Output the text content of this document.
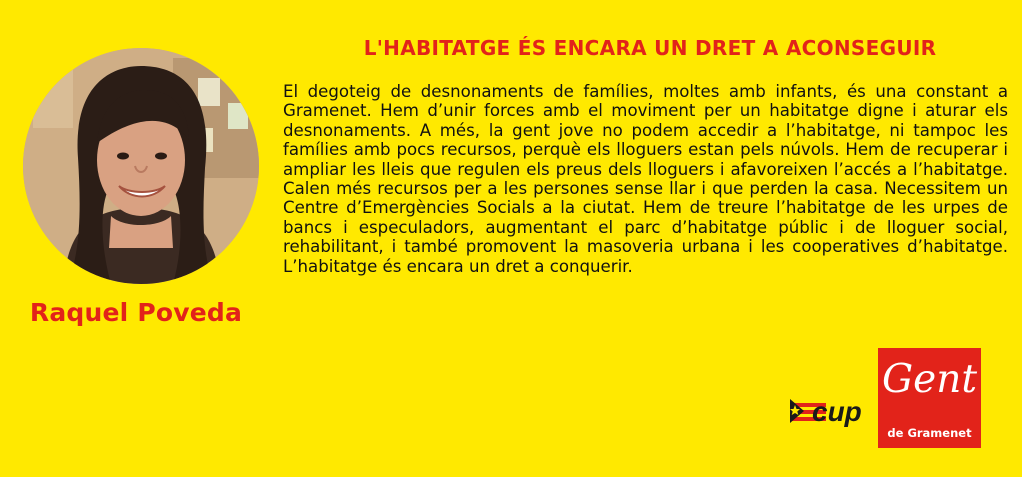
Raquel Poveda
L'HABITATGE ÉS ENCARA UN DRET A ACONSEGUIR
El degoteig de desnonaments de famílies, moltes amb infants, és una constant a Gramenet. Hem d’unir forces amb el moviment per un habitatge digne i aturar els desnonaments. A més, la gent jove no podem accedir a l’habitatge, ni tampoc les famílies amb pocs recursos, perquè els lloguers estan pels núvols. Hem de recuperar i ampliar les lleis que regulen els preus dels lloguers i afavoreixen l’accés a l’habitatge. Calen més recursos per a les persones sense llar i que perden la casa. Necessitem un Centre d’Emergències Socials a la ciutat. Hem de treure l’habitatge de les urpes de bancs i especuladors, augmentant el parc d’habitatge públic i de lloguer social, rehabilitant, i també promovent la masoveria urbana i les cooperatives d’habitatge. L’habitatge és encara un dret a conquerir.
cup
Gent
de Gramenet
